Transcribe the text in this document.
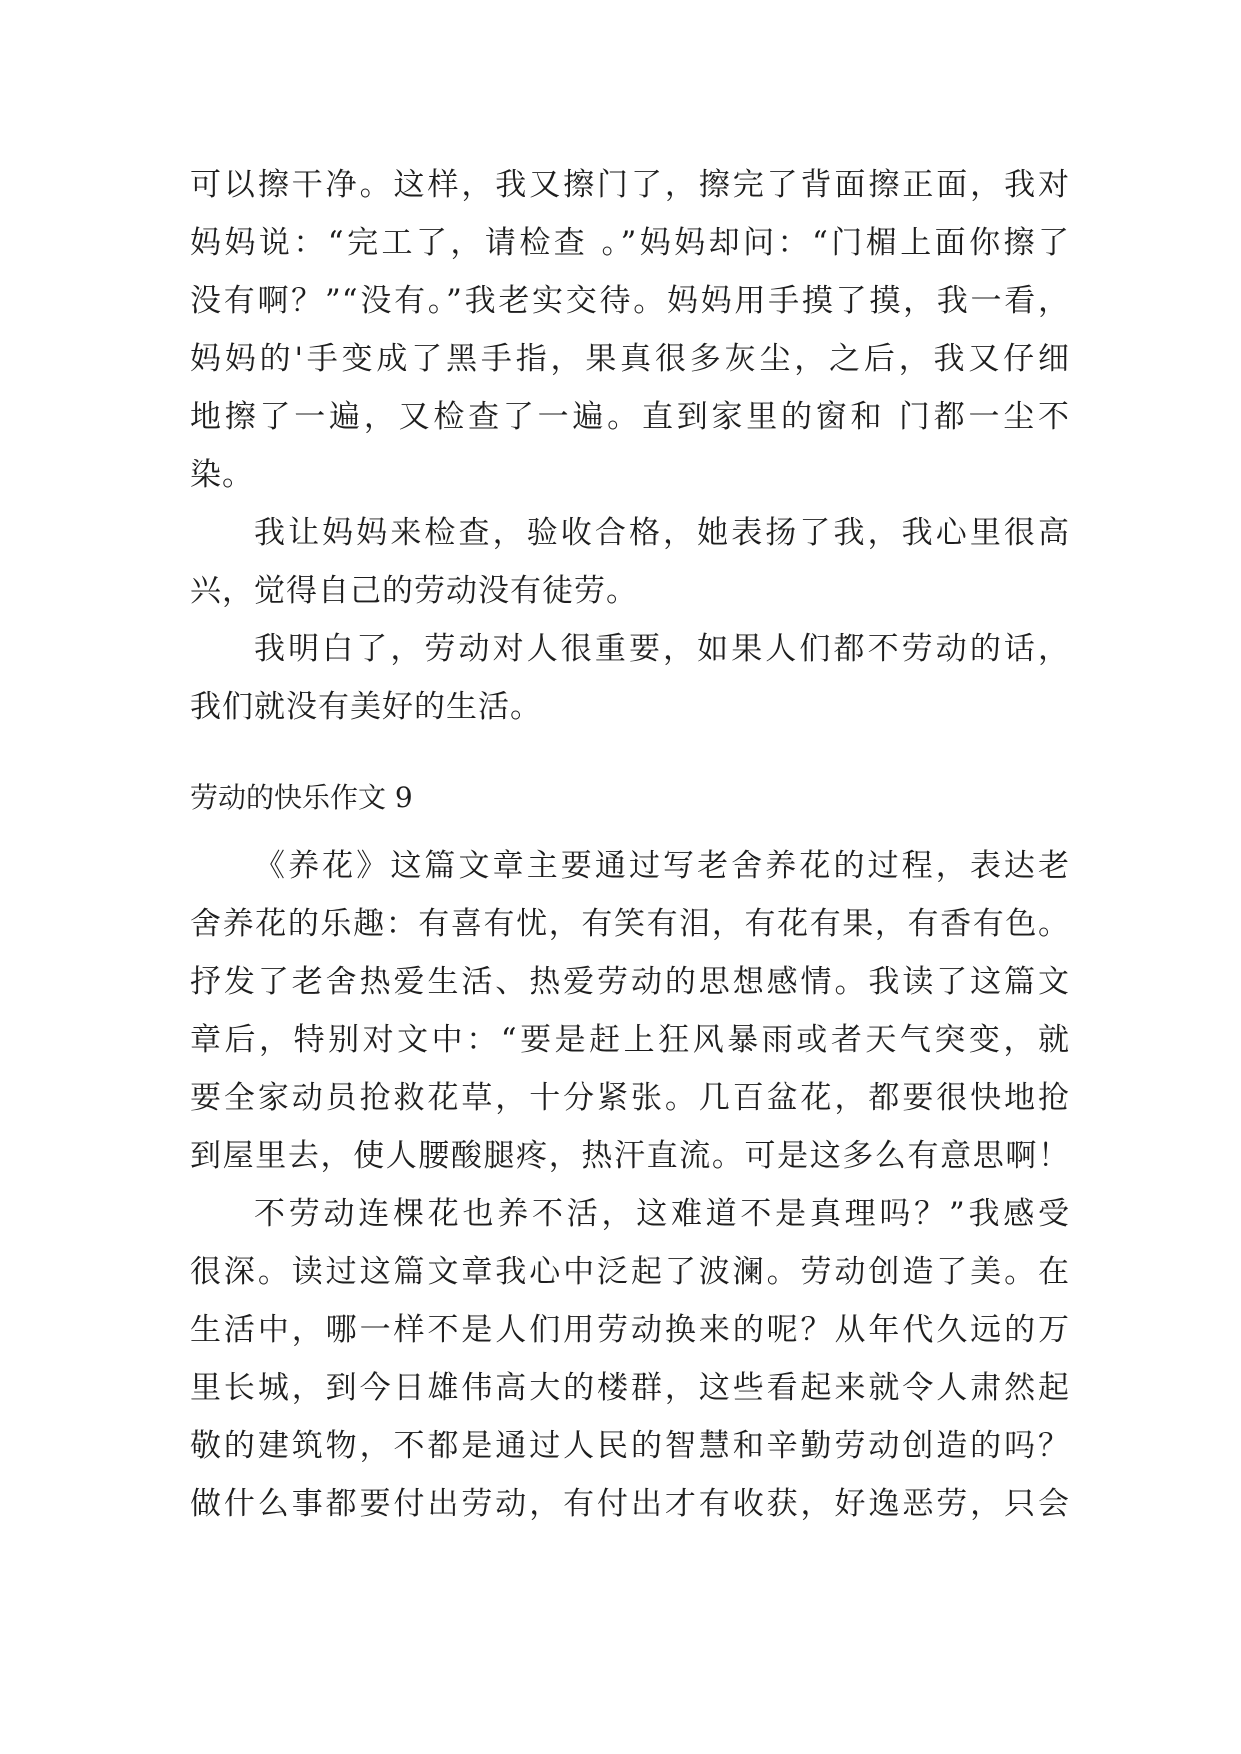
可以擦干净。这样，我又擦门了，擦完了背面擦正面，我对
妈妈说：“完工了，请检查 。”妈妈却问：“门楣上面你擦了
没有啊？”“没有。”我老实交待。妈妈用手摸了摸，我一看，
妈妈的'手变成了黑手指，果真很多灰尘，之后，我又仔细
地擦了一遍，又检查了一遍。直到家里的窗和 门都一尘不
染。
我让妈妈来检查，验收合格，她表扬了我，我心里很高
兴，觉得自己的劳动没有徒劳。
我明白了，劳动对人很重要，如果人们都不劳动的话，
我们就没有美好的生活。
劳动的快乐作文 9
《养花》这篇文章主要通过写老舍养花的过程，表达老
舍养花的乐趣：有喜有忧，有笑有泪，有花有果，有香有色。
抒发了老舍热爱生活、热爱劳动的思想感情。我读了这篇文
章后，特别对文中：“要是赶上狂风暴雨或者天气突变，就
要全家动员抢救花草，十分紧张。几百盆花，都要很快地抢
到屋里去，使人腰酸腿疼，热汗直流。可是这多么有意思啊！
不劳动连棵花也养不活，这难道不是真理吗？”我感受
很深。读过这篇文章我心中泛起了波澜。劳动创造了美。在
生活中，哪一样不是人们用劳动换来的呢？从年代久远的万
里长城，到今日雄伟高大的楼群，这些看起来就令人肃然起
敬的建筑物，不都是通过人民的智慧和辛勤劳动创造的吗？
做什么事都要付出劳动，有付出才有收获，好逸恶劳，只会
